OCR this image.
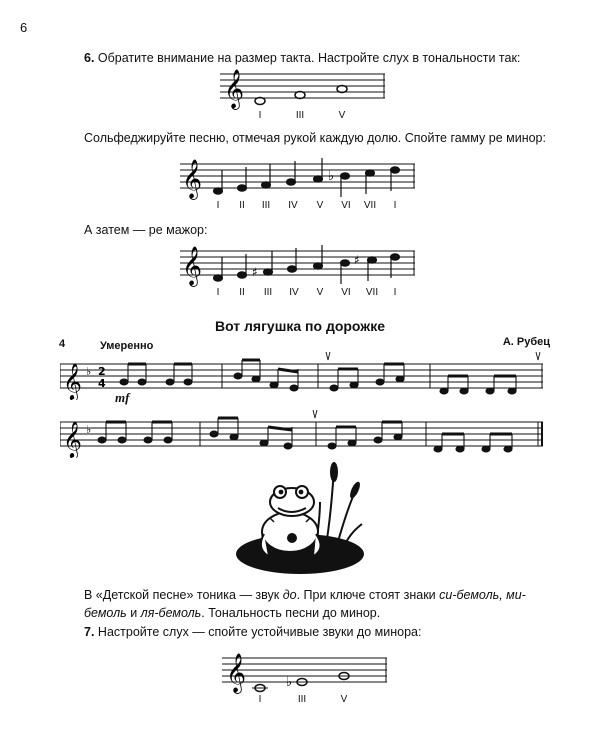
6
6. Обратите внимание на размер такта. Настройте слух в тональности так:
𝄞
I	III	V
Сольфеджируйте песню, отмечая рукой каждую долю. Спойте гамму ре минор:
𝄞	♭
I	II	III	IV	V	VI	VII	I
А затем — ре мажор:
𝄞	♯
♯
I	II	III	IV	V	VI	VII	I
Вот лягушка по дорожке
А. Рубец
4	Умеренно
mf
𝄞 ♭ 2
4
𝄞 ♭
В «Детской песне» тоника — звук до. При ключе стоят знаки си-бемоль, ми-бемоль и ля-бемоль. Тональность песни до минор.
7. Настройте слух — спойте устойчивые звуки до минора:
𝄞	♭
I	III	V
